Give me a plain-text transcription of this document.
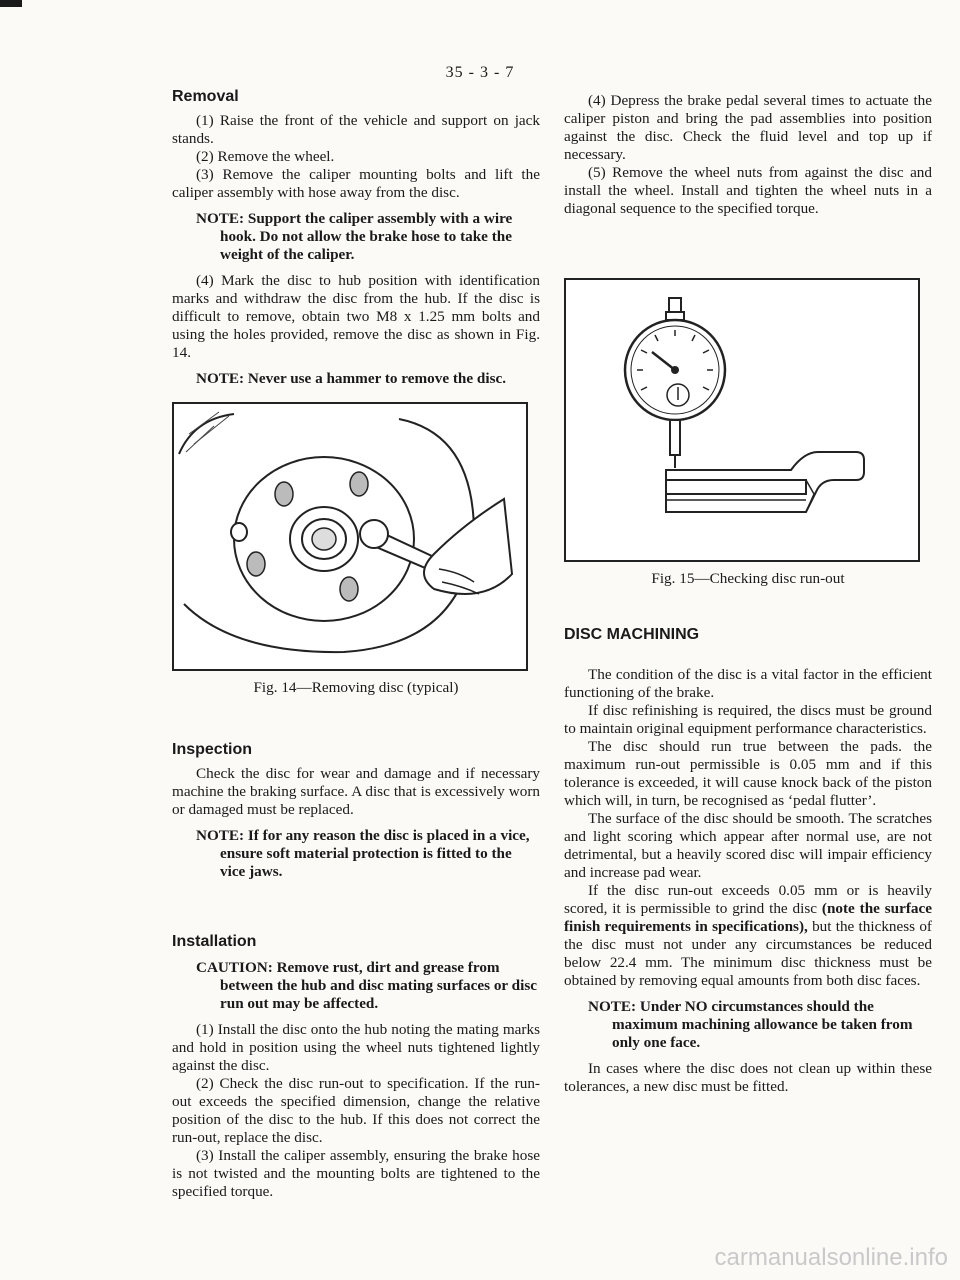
35 - 3 - 7
Removal

(1) Raise the front of the vehicle and support on jack stands.

(2) Remove the wheel.

(3) Remove the caliper mounting bolts and lift the caliper assembly with hose away from the disc.

NOTE: Support the caliper assembly with a wire hook. Do not allow the brake hose to take the weight of the caliper.

(4) Mark the disc to hub position with identification marks and withdraw the disc from the hub. If the disc is difficult to remove, obtain two M8 x 1.25 mm bolts and using the holes provided, remove the disc as shown in Fig. 14.

NOTE: Never use a hammer to remove the disc.

Fig. 14—Removing disc (typical)

Inspection

Check the disc for wear and damage and if necessary machine the braking surface. A disc that is excessively worn or damaged must be replaced.

NOTE: If for any reason the disc is placed in a vice, ensure soft material protection is fitted to the vice jaws.

Installation

CAUTION: Remove rust, dirt and grease from between the hub and disc mating surfaces or disc run out may be affected.

(1) Install the disc onto the hub noting the mating marks and hold in position using the wheel nuts tightened lightly against the disc.

(2) Check the disc run-out to specification. If the run-out exceeds the specified dimension, change the relative position of the disc to the hub. If this does not correct the run-out, replace the disc.

(3) Install the caliper assembly, ensuring the brake hose is not twisted and the mounting bolts are tightened to the specified torque.

(4) Depress the brake pedal several times to actuate the caliper piston and bring the pad assemblies into position against the disc. Check the fluid level and top up if necessary.

(5) Remove the wheel nuts from against the disc and install the wheel. Install and tighten the wheel nuts in a diagonal sequence to the specified torque.

Fig. 15—Checking disc run-out

DISC MACHINING

The condition of the disc is a vital factor in the efficient functioning of the brake.

If disc refinishing is required, the discs must be ground to maintain original equipment performance characteristics.

The disc should run true between the pads. the maximum run-out permissible is 0.05 mm and if this tolerance is exceeded, it will cause knock back of the piston which will, in turn, be recognised as ‘pedal flutter’.

The surface of the disc should be smooth. The scratches and light scoring which appear after normal use, are not detrimental, but a heavily scored disc will impair efficiency and increase pad wear.

If the disc run-out exceeds 0.05 mm or is heavily scored, it is permissible to grind the disc (note the surface finish requirements in specifications), but the thickness of the disc must not under any circumstances be reduced below 22.4 mm. The minimum disc thickness must be obtained by removing equal amounts from both disc faces.

NOTE: Under NO circumstances should the maximum machining allowance be taken from only one face.

In cases where the disc does not clean up within these tolerances, a new disc must be fitted.

carmanualsonline.info
